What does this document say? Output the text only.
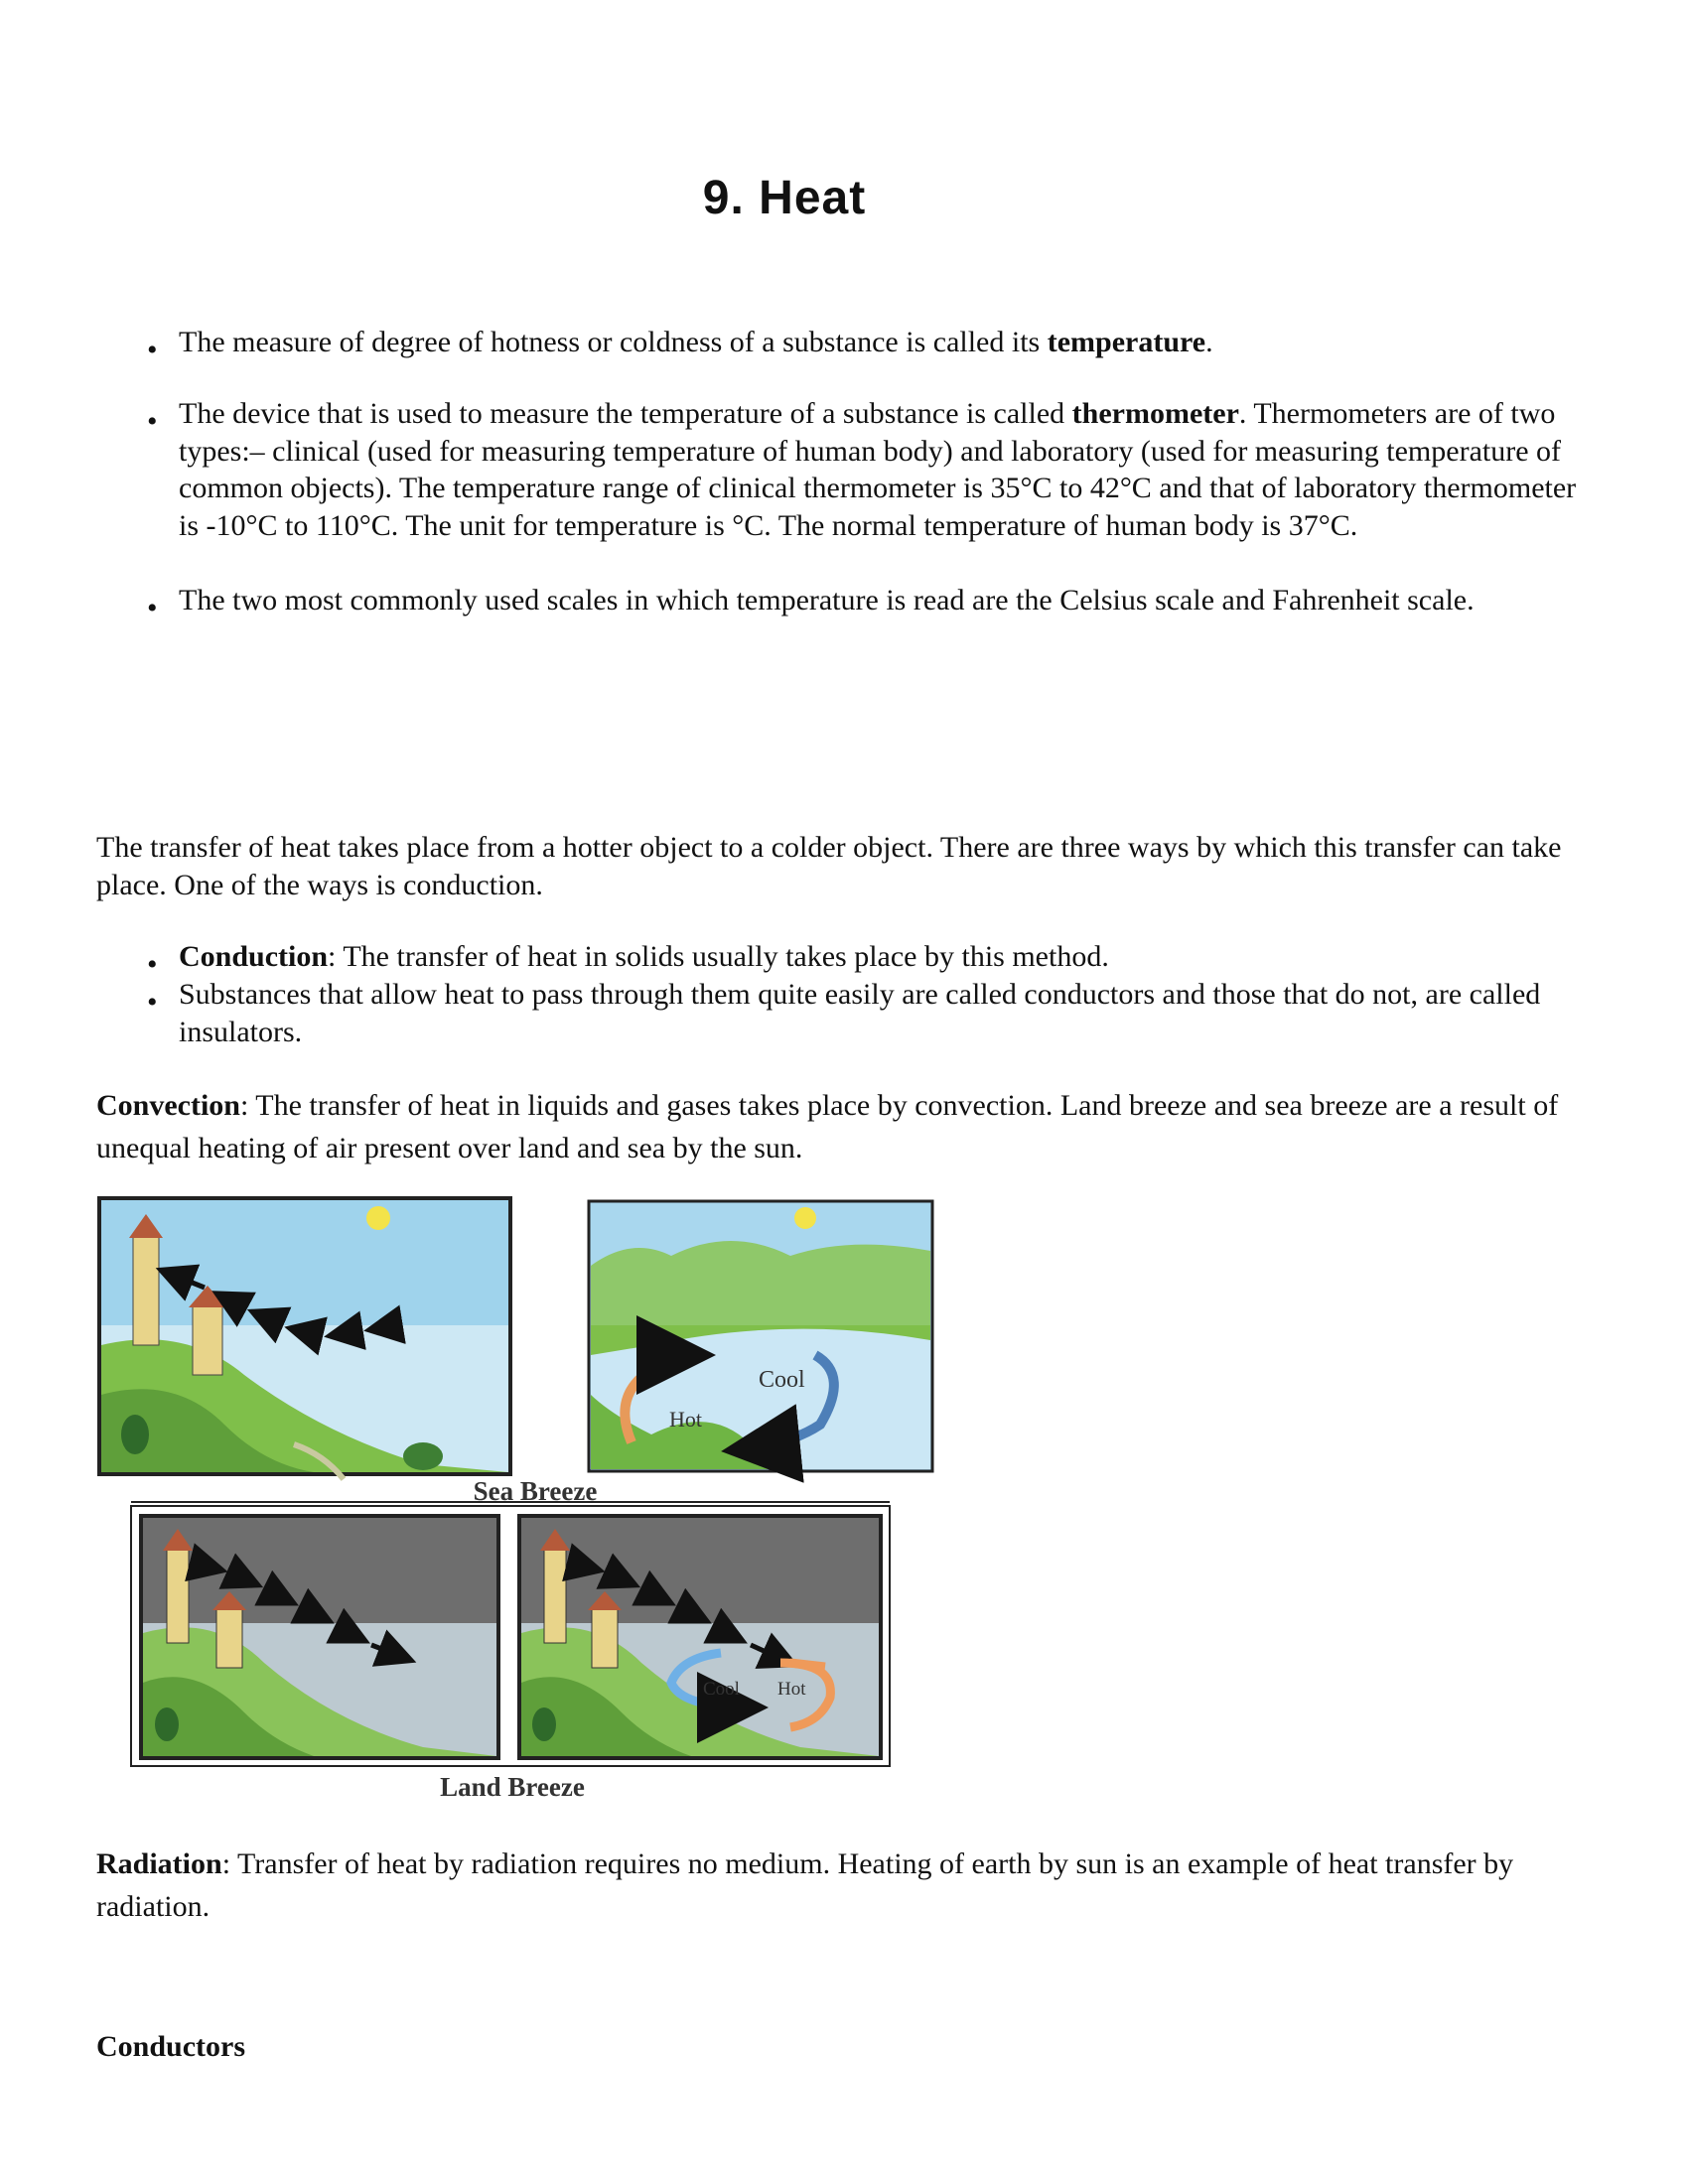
9. Heat
• The measure of degree of hotness or coldness of a substance is called its temperature.
• The device that is used to measure the temperature of a substance is called thermometer. Thermometers are of two types:– clinical (used for measuring temperature of human body) and laboratory (used for measuring temperature of common objects). The temperature range of clinical thermometer is 35°C to 42°C and that of laboratory thermometer is -10°C to 110°C. The unit for temperature is °C. The normal temperature of human body is 37°C.
• The two most commonly used scales in which temperature is read are the Celsius scale and Fahrenheit scale.
The transfer of heat takes place from a hotter object to a colder object. There are three ways by which this transfer can take place. One of the ways is conduction.
• Conduction: The transfer of heat in solids usually takes place by this method.
• Substances that allow heat to pass through them quite easily are called conductors and those that do not, are called insulators.
Convection: The transfer of heat in liquids and gases takes place by convection. Land breeze and sea breeze are a result of unequal heating of air present over land and sea by the sun.
Cool
Hot
Sea Breeze
Cool Hot
Land Breeze
Radiation: Transfer of heat by radiation requires no medium. Heating of earth by sun is an example of heat transfer by radiation.
Conductors
